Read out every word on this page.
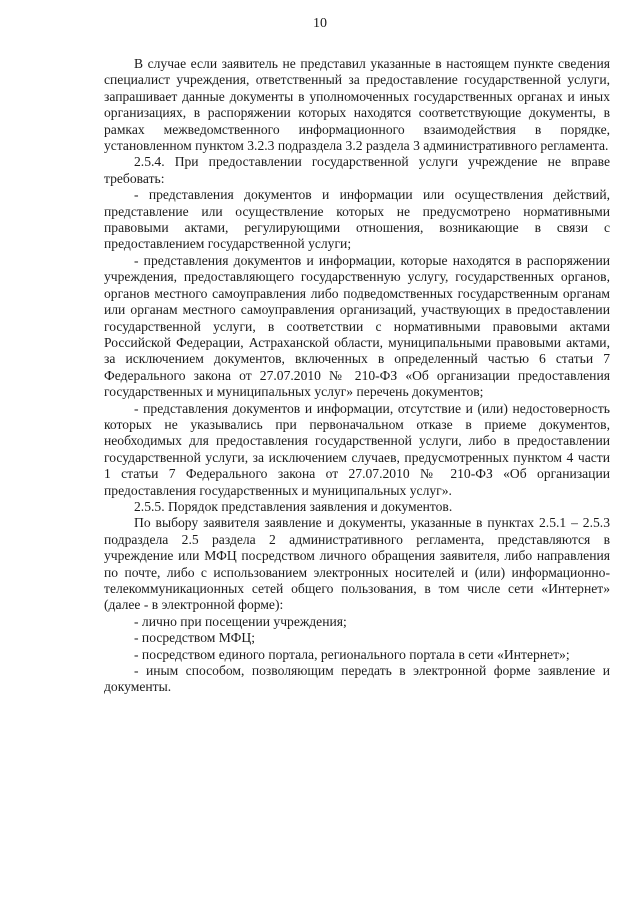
10

В случае если заявитель не представил указанные в настоящем пункте сведения специалист учреждения, ответственный за предоставление государственной услуги, запрашивает данные документы в уполномоченных государственных органах и иных организациях, в распоряжении которых находятся соответствующие документы, в рамках межведомственного информационного взаимодействия в порядке, установленном пунктом 3.2.3 подраздела 3.2 раздела 3 административного регламента.

2.5.4. При предоставлении государственной услуги учреждение не вправе требовать:

- представления документов и информации или осуществления действий, представление или осуществление которых не предусмотрено нормативными правовыми актами, регулирующими отношения, возникающие в связи с предоставлением государственной услуги;

- представления документов и информации, которые находятся в распоряжении учреждения, предоставляющего государственную услугу, государственных органов, органов местного самоуправления либо подведомственных государственным органам или органам местного самоуправления организаций, участвующих в предоставлении государственной услуги, в соответствии с нормативными правовыми актами Российской Федерации, Астраханской области, муниципальными правовыми актами, за исключением документов, включенных в определенный частью 6 статьи 7 Федерального закона от 27.07.2010 № 210-ФЗ «Об организации предоставления государственных и муниципальных услуг» перечень документов;

- представления документов и информации, отсутствие и (или) недостоверность которых не указывались при первоначальном отказе в приеме документов, необходимых для предоставления государственной услуги, либо в предоставлении государственной услуги, за исключением случаев, предусмотренных пунктом 4 части 1 статьи 7 Федерального закона от 27.07.2010 № 210-ФЗ «Об организации предоставления государственных и муниципальных услуг».

2.5.5. Порядок представления заявления и документов.

По выбору заявителя заявление и документы, указанные в пунктах 2.5.1 – 2.5.3 подраздела 2.5 раздела 2 административного регламента, представляются в учреждение или МФЦ посредством личного обращения заявителя, либо направления по почте, либо с использованием электронных носителей и (или) информационно-телекоммуникационных сетей общего пользования, в том числе сети «Интернет» (далее - в электронной форме):

- лично при посещении учреждения;

- посредством МФЦ;

- посредством единого портала, регионального портала в сети «Интернет»;

- иным способом, позволяющим передать в электронной форме заявление и документы.
